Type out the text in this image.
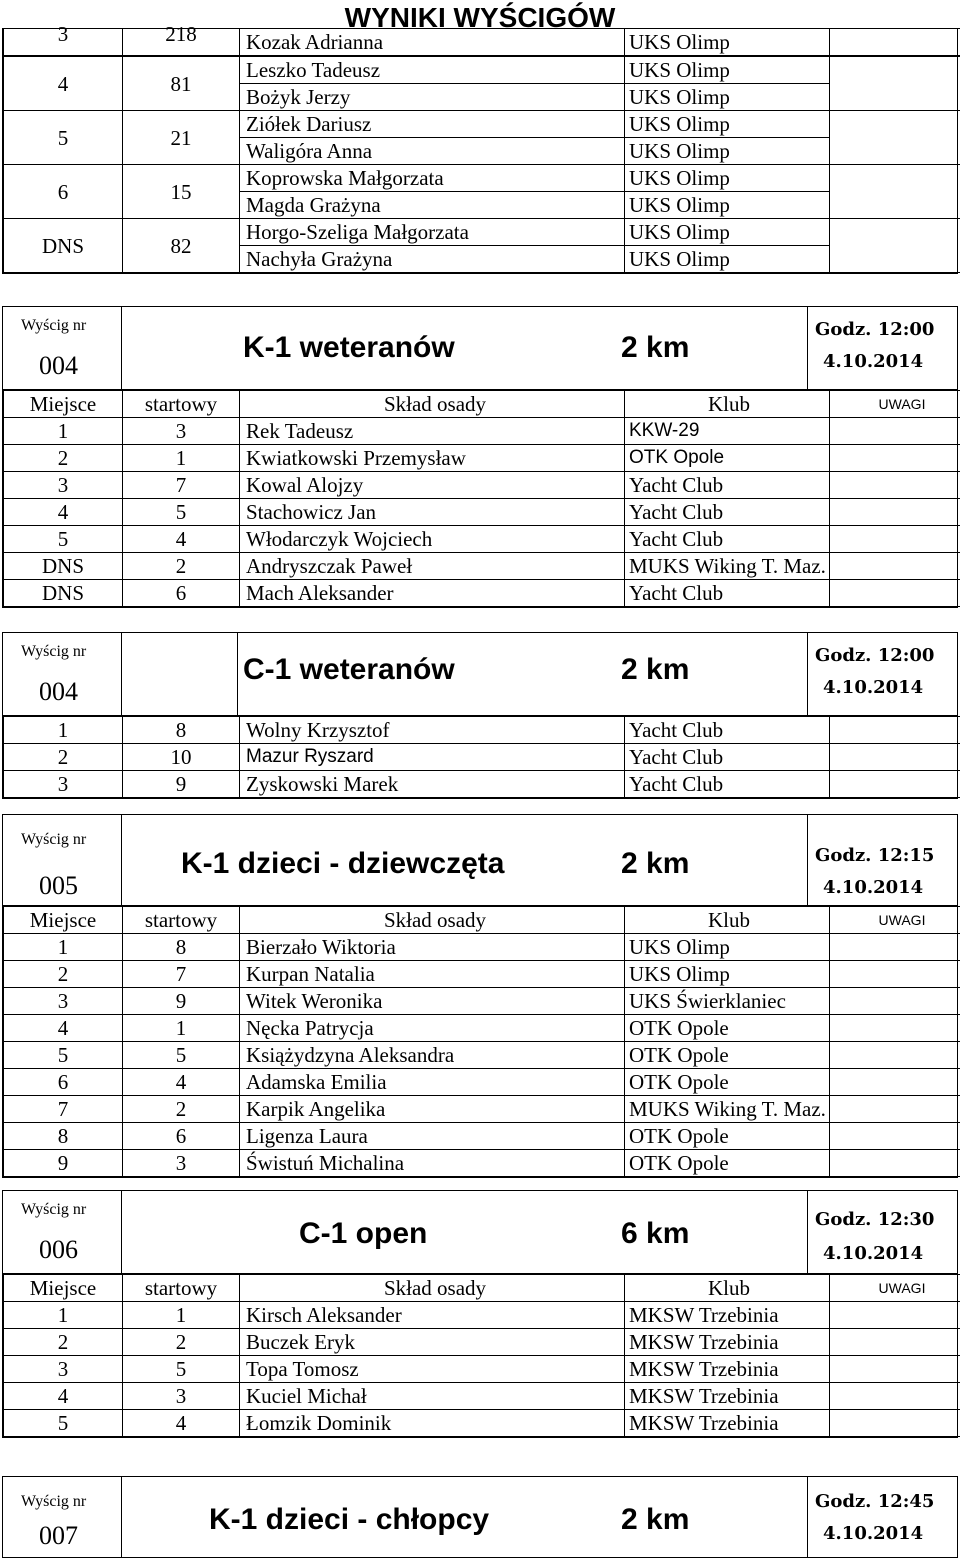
WYNIKI WYŚCIGÓW
3	218	Kozak Adrianna	UKS Olimp	
4	81	Leszko Tadeusz	UKS Olimp	
		Bożyk Jerzy	UKS Olimp	
5	21	Ziółek Dariusz	UKS Olimp	
		Waligóra Anna	UKS Olimp	
6	15	Koprowska Małgorzata	UKS Olimp	
		Magda Grażyna	UKS Olimp	
DNS	82	Horgo-Szeliga Małgorzata	UKS Olimp	
		Nachyła Grażyna	UKS Olimp	
Wyścig nr
004
K-1 weteranów	2 km
Godz. 12:00
4.10.2014
Miejsce	startowy	Skład osady	Klub	UWAGI
1	3	Rek Tadeusz	KKW-29	
2	1	Kwiatkowski Przemysław	OTK Opole	
3	7	Kowal Alojzy	Yacht Club	
4	5	Stachowicz Jan	Yacht Club	
5	4	Włodarczyk Wojciech	Yacht Club	
DNS	2	Andryszczak Paweł	MUKS Wiking T. Maz.	
DNS	6	Mach Aleksander	Yacht Club	
Wyścig nr
004
C-1 weteranów	2 km	Godz. 12:00
4.10.2014
1	8	Wolny Krzysztof	Yacht Club	
2	10	Mazur Ryszard	Yacht Club	
3	9	Zyskowski Marek	Yacht Club	
Wyścig nr
005
K-1 dzieci - dziewczęta	2 km	Godz. 12:15
4.10.2014
Miejsce	startowy	Skład osady	Klub	UWAGI
1	8	Bierzało Wiktoria	UKS Olimp	
2	7	Kurpan Natalia	UKS Olimp	
3	9	Witek Weronika	UKS Świerklaniec	
4	1	Nęcka Patrycja	OTK Opole	
5	5	Książydzyna Aleksandra	OTK Opole	
6	4	Adamska Emilia	OTK Opole	
7	2	Karpik Angelika	MUKS Wiking T. Maz.	
8	6	Ligenza Laura	OTK Opole	
9	3	Świstuń Michalina	OTK Opole	
Wyścig nr
006	C-1 open	6 km	Godz. 12:30
4.10.2014
Miejsce	startowy	Skład osady	Klub	UWAGI
1	1	Kirsch Aleksander	MKSW Trzebinia	
2	2	Buczek Eryk	MKSW Trzebinia	
3	5	Topa Tomosz	MKSW Trzebinia	
4	3	Kuciel Michał	MKSW Trzebinia	
5	4	Łomzik Dominik	MKSW Trzebinia	
Wyścig nr
007	K-1 dzieci - chłopcy	2 km
Godz. 12:45
4.10.2014
